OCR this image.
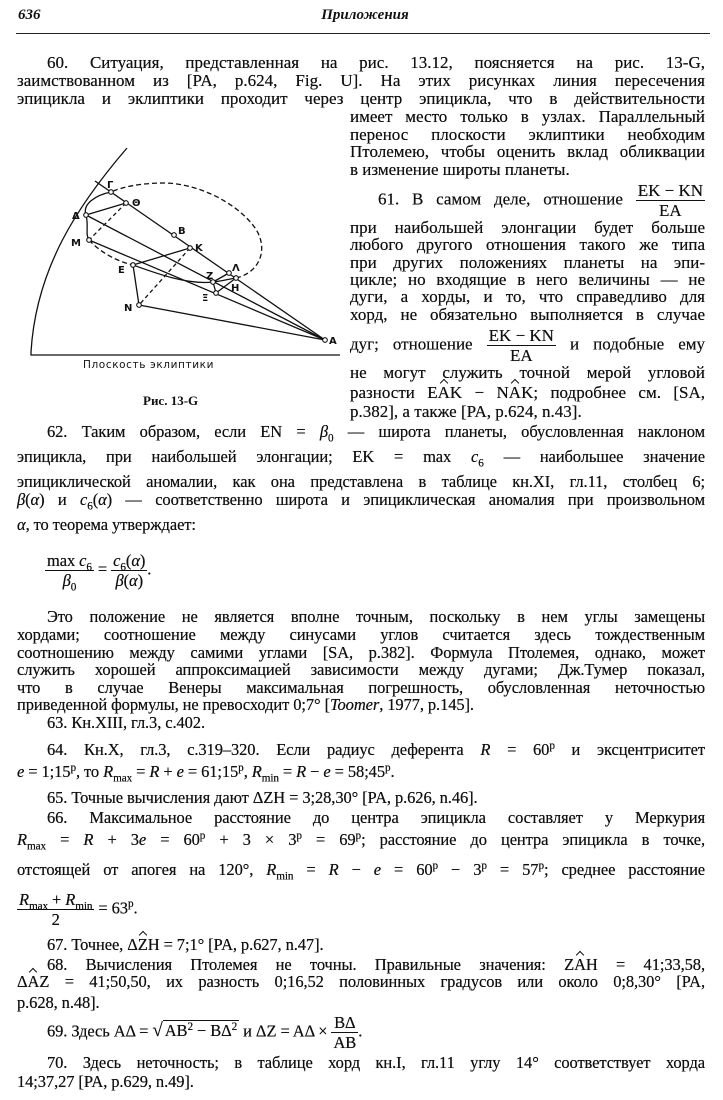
636	Приложения
Γ
Θ
Δ
M
B
K
E
Z
Λ
H
Ξ
N
A
Плоскость эклиптики
Рис. 13-G
60. Ситуация, представленная на рис. 13.12, поясняется на рис. 13-G,
заимствованном из [PA, p.624, Fig. U]. На этих рисунках линия пересечения
эпицикла и эклиптики проходит через центр эпицикла, что в действительности
имеет место только в узлах. Параллельный
перенос плоскости эклиптики необходим
Птолемею, чтобы оценить вклад обликвации
в изменение широты планеты.
61. В самом деле, отношение $\frac{EK - KN}{EA}$
при наибольшей элонгации будет больше
любого другого отношения такого же типа
при других положениях планеты на эпи-
цикле; но входящие в него величины — не
дуги, а хорды, и то, что справедливо для
хорд, не обязательно выполняется в случае
дуг; отношение $\frac{EK - KN}{EA}$ и подобные ему
не могут служить точной мерой угловой
разности EAK − NAK; подробнее см. [SA,
p.382], а также [PA, p.624, n.43].
62. Таким образом, если EN = $\beta_0$ — широта планеты, обусловленная наклоном
эпицикла, при наибольшей элонгации; EK = $\max c_6$ — наибольшее значение
эпициклической аномалии, как она представлена в таблице кн.XI, гл.11, столбец 6;
β(α) и $c_6(\alpha)$ — соответственно широта и эпициклическая аномалия при произвольном
α, то теорема утверждает:
$\frac{\max c_6}{\beta_0} = \frac{c_6(\alpha)}{\beta(\alpha)}$ .
Это положение не является вполне точным, поскольку в нем углы замещены
хордами; соотношение между синусами углов считается здесь тождественным
соотношению между самими углами [SA, p.382]. Формула Птолемея, однако, может
служить хорошей аппроксимацией зависимости между дугами; Дж.Тумер показал,
что в случае Венеры максимальная погрешность, обусловленная неточностью
приведенной формулы, не превосходит 0;7° [Toomer, 1977, p.145].
63. Кн.XIII, гл.3, с.402.
64. Кн.X, гл.3, с.319–320. Если радиус деферента $R = 60^p$ и эксцентриситет
$e = 1;15^p$, то $R_{max} = R + e$ = $61;15^p$, $R_{min} = R - e$ = $58;45^p$.
65. Точные вычисления дают ΔZH = 3;28,30° [PA, p.626, n.46].
66. Максимальное расстояние до центра эпицикла составляет у Меркурия
$R_{max} = R + 3e = 60^p + 3 \times 3^p = 69^p$; расстояние до центра эпицикла в точке,
отстоящей от апогея на 120°, $R_{min} = R - e = 60^p - 3^p = 57^p$; среднее расстояние
$\frac{R_{max} + R_{min}}{2} = 63^p$.
67. Точнее, ΔZH = 7;1° [PA, p.627, n.47].
68. Вычисления Птолемея не точны. Правильные значения: ZAH = 41;33,58,
ΔAZ = 41;50,50, их разность 0;16,52 половинных градусов или около 0;8,30° [PA,
p.628, n.48].
69. Здесь AΔ = √ $AB^2 - B\Delta^2$ и $\Delta Z = A\Delta \times \frac{B\Delta}{AB}$ .
70. Здесь неточность; в таблице хорд кн.I, гл.11 углу 14° соответствует хорда
14;37,27 [PA, p.629, n.49].
